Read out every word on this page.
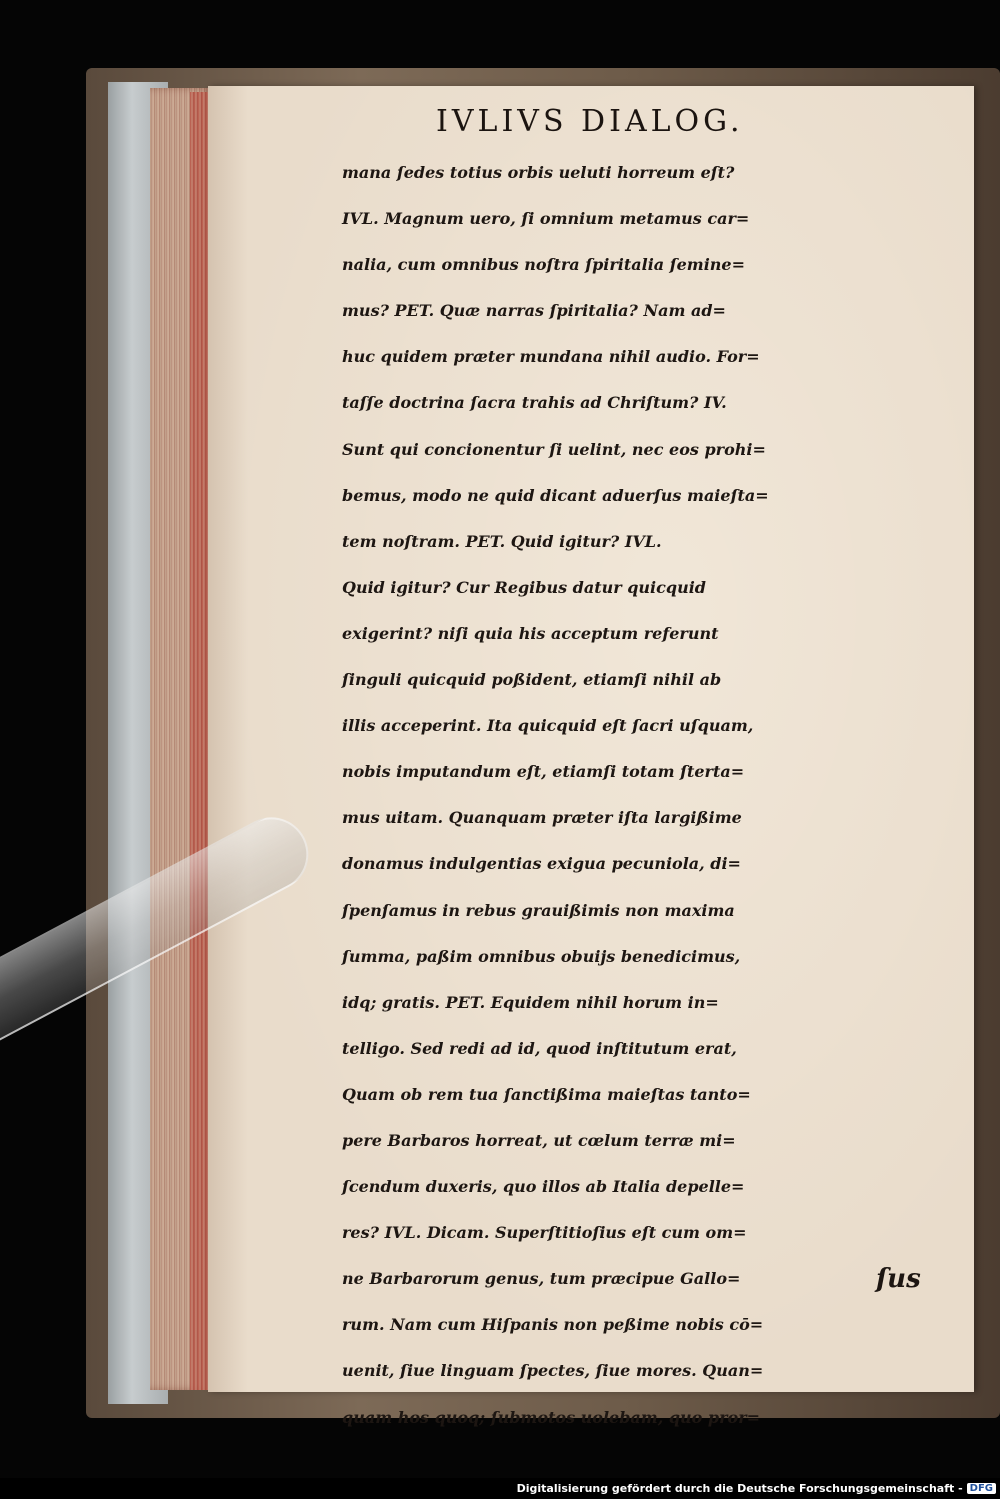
IVLIVS DIALOG.
mana ſedes totius orbis ueluti horreum eſt?
IVL. Magnum uero, ſi omnium metamus car=
nalia, cum omnibus noſtra ſpiritalia ſemine=
mus? PET. Quæ narras ſpiritalia? Nam ad=
huc quidem præter mundana nihil audio. For=
taſſe doctrina ſacra trahis ad Chriſtum? IV.
Sunt qui concionentur ſi uelint, nec eos prohi=
bemus, modo ne quid dicant aduerſus maieſta=
tem noſtram. PET. Quid igitur? IVL.
Quid igitur? Cur Regibus datur quicquid
exigerint? niſi quia his acceptum referunt
ſinguli quicquid poßident, etiamſi nihil ab
illis acceperint. Ita quicquid eſt ſacri uſquam,
nobis imputandum eſt, etiamſi totam ſterta=
mus uitam. Quanquam præter iſta largißime
donamus indulgentias exigua pecuniola, di=
ſpenſamus in rebus grauißimis non maxima
ſumma, paßim omnibus obuijs benedicimus,
idq; gratis. PET. Equidem nihil horum in=
telligo. Sed redi ad id, quod inſtitutum erat,
Quam ob rem tua ſanctißima maieſtas tanto=
pere Barbaros horreat, ut cœlum terræ mi=
ſcendum duxeris, quo illos ab Italia depelle=
res? IVL. Dicam. Superſtitioſius eſt cum om=
ne Barbarorum genus, tum præcipue Gallo=
rum. Nam cum Hiſpanis non peßime nobis cō=
uenit, ſiue linguam ſpectes, ſiue mores. Quan=
quam hos quoq; ſubmotos uolebam, quo pror=
ſus
Digitalisierung gefördert durch die Deutsche Forschungsgemeinschaft - DFG
